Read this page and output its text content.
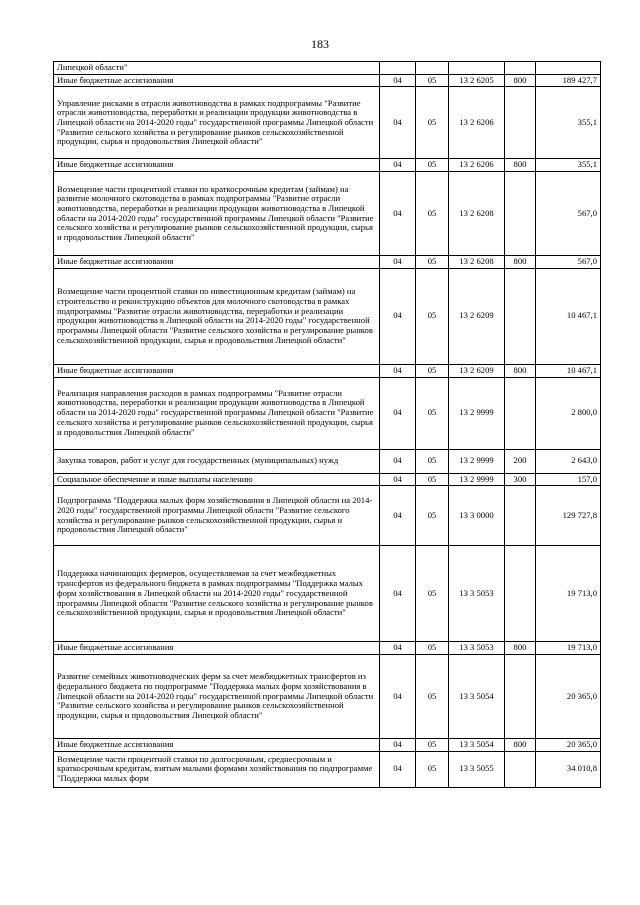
183
Липецкой области"					
Иные бюджетные ассигнования	04	05	13 2 6205	800	189 427,7
Управление рисками в отрасли животноводства в рамках подпрограммы "Развитие отрасли животноводства, переработки и реализации продукции животноводства в Липецкой области на 2014-2020 годы" государственной программы Липецкой области "Развитие сельского хозяйства и регулирование рынков сельскохозяйственной продукции, сырья и продовольствия Липецкой области"	04	05	13 2 6206		355,1
Иные бюджетные ассигнования	04	05	13 2 6206	800	355,1
Возмещение части процентной ставки по краткосрочным кредитам (займам) на развитие молочного скотоводства в рамках подпрограммы "Развитие отрасли животноводства, переработки и реализации продукции животноводства в Липецкой области на 2014-2020 годы" государственной программы Липецкой области "Развитие сельского хозяйства и регулирование рынков сельскохозяйственной продукции, сырья и продовольствия Липецкой области"	04	05	13 2 6208		567,0
Иные бюджетные ассигнования	04	05	13 2 6208	800	567,0
Возмещение части процентной ставки по инвестиционным кредитам (займам) на строительство и реконструкцию объектов для молочного скотоводства в рамках подпрограммы "Развитие отрасли животноводства, переработки и реализации продукции животноводства в Липецкой области на 2014-2020 годы" государственной программы Липецкой области "Развитие сельского хозяйства и регулирование рынков сельскохозяйственной продукции, сырья и продовольствия Липецкой области"	04	05	13 2 6209		10 467,1
Иные бюджетные ассигнования	04	05	13 2 6209	800	10 467,1
Реализация направления расходов в рамках подпрограммы "Развитие отрасли животноводства, переработки и реализации продукции животноводства в Липецкой области на 2014-2020 годы" государственной программы Липецкой области "Развитие сельского хозяйства и регулирование рынков сельскохозяйственной продукции, сырья и продовольствия Липецкой области"	04	05	13 2 9999		2 800,0
Закупка товаров, работ и услуг для государственных (муниципальных) нужд	04	05	13 2 9999	200	2 643,0
Социальное обеспечение и иные выплаты населению	04	05	13 2 9999	300	157,0
Подпрограмма "Поддержка малых форм хозяйствования в Липецкой области на 2014-2020 годы" государственной программы Липецкой области "Развитие сельского хозяйства и регулирование рынков сельскохозяйственной продукции, сырья и продовольствия Липецкой области"	04	05	13 3 0000		129 727,8
Поддержка начинающих фермеров, осуществляемая за счет межбюджетных трансфертов из федерального бюджета в рамках подпрограммы "Поддержка малых форм хозяйствования в Липецкой области на 2014-2020 годы" государственной программы Липецкой области "Развитие сельского хозяйства и регулирование рынков сельскохозяйственной продукции, сырья и продовольствия Липецкой области"	04	05	13 3 5053		19 713,0
Иные бюджетные ассигнования	04	05	13 3 5053	800	19 713,0
Развитие семейных животноводческих ферм за счет межбюджетных трансфертов из федерального бюджета по подпрограмме "Поддержка малых форм хозяйствования в Липецкой области на 2014-2020 годы" государственной программы Липецкой области "Развитие сельского хозяйства и регулирование рынков сельскохозяйственной продукции, сырья и продовольствия Липецкой области"	04	05	13 3 5054		20 365,0
Иные бюджетные ассигнования	04	05	13 3 5054	800	20 365,0
Возмещение части процентной ставки по долгосрочным, среднесрочным и краткосрочным кредитам, взятым малыми формами хозяйствования по подпрограмме "Поддержка малых форм	04	05	13 3 5055		34 010,8
